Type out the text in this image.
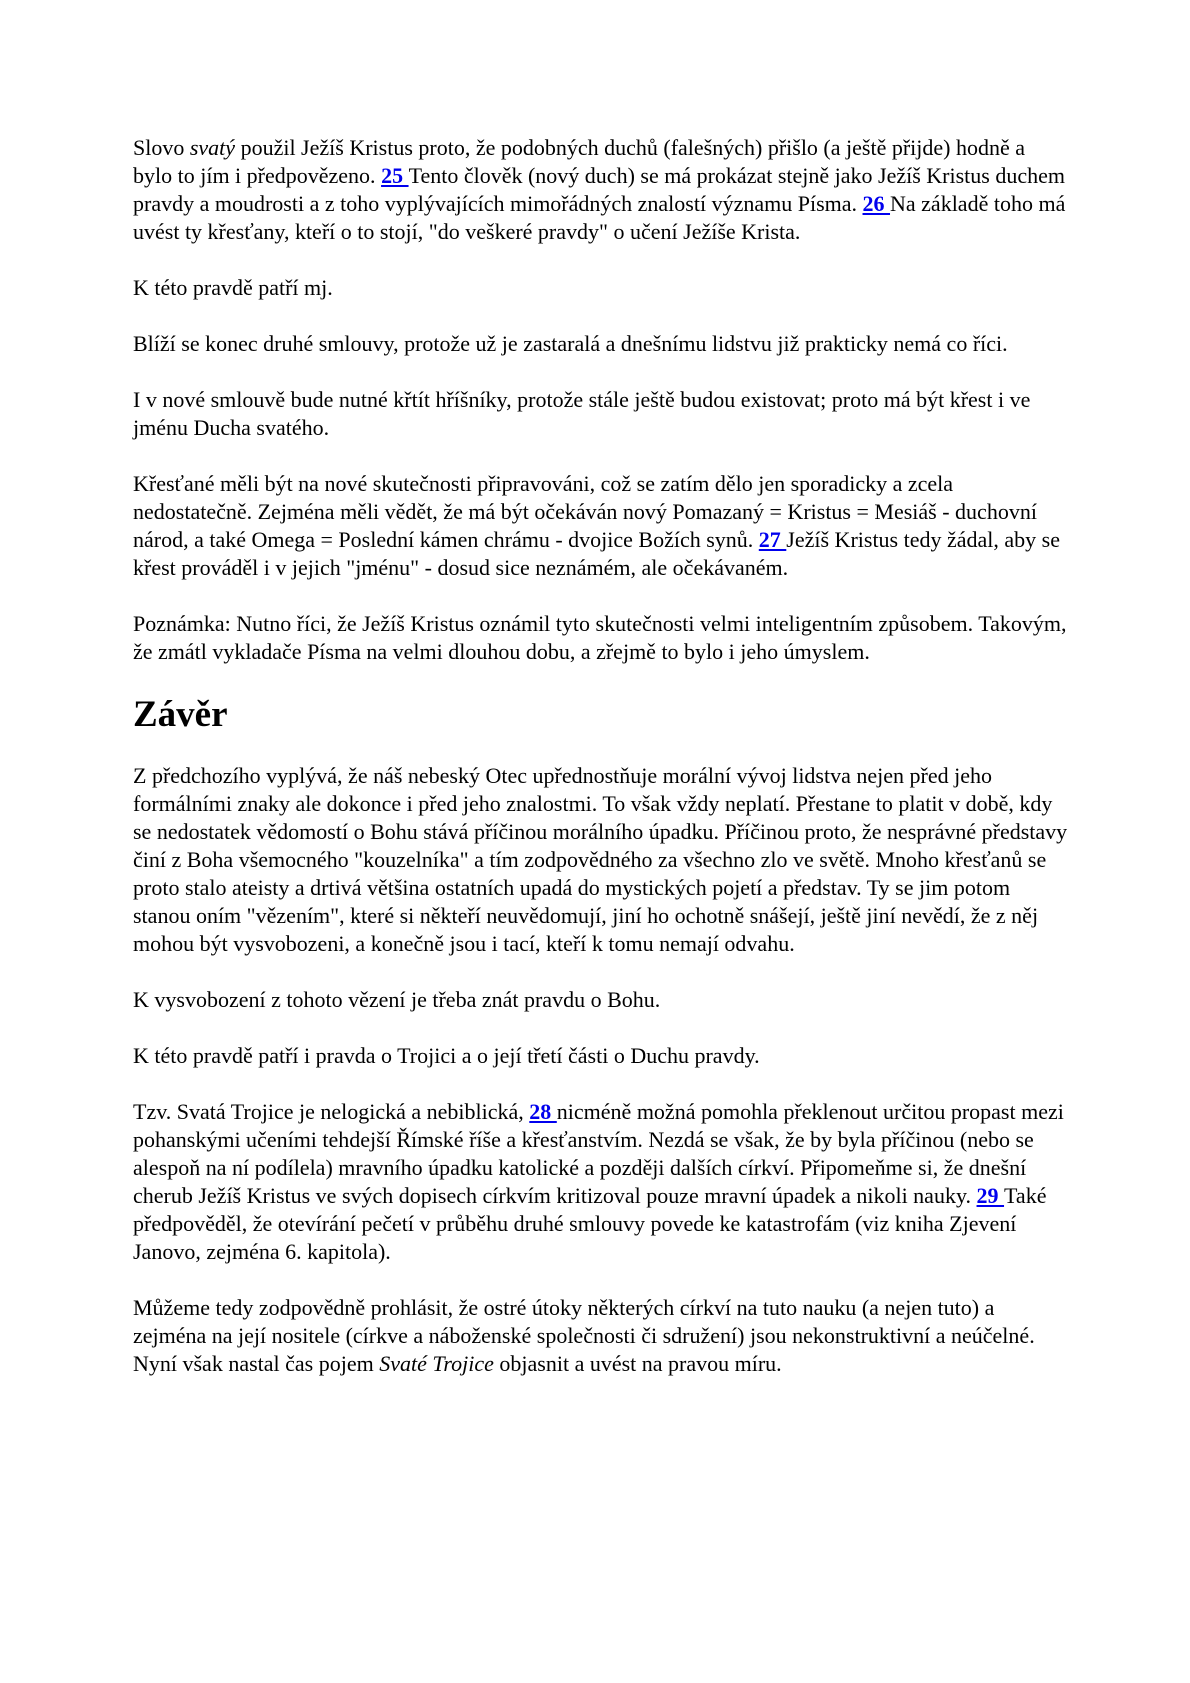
Slovo svatý použil Ježíš Kristus proto, že podobných duchů (falešných) přišlo (a ještě přijde) hodně a bylo to jím i předpovězeno. 25 Tento člověk (nový duch) se má prokázat stejně jako Ježíš Kristus duchem pravdy a moudrosti a z toho vyplývajících mimořádných znalostí významu Písma. 26 Na základě toho má uvést ty křesťany, kteří o to stojí, "do veškeré pravdy" o učení Ježíše Krista.

K této pravdě patří mj.

Blíží se konec druhé smlouvy, protože už je zastaralá a dnešnímu lidstvu již prakticky nemá co říci.

I v nové smlouvě bude nutné křtít hříšníky, protože stále ještě budou existovat; proto má být křest i ve jménu Ducha svatého.

Křesťané měli být na nové skutečnosti připravováni, což se zatím dělo jen sporadicky a zcela nedostatečně. Zejména měli vědět, že má být očekáván nový Pomazaný = Kristus = Mesiáš - duchovní národ, a také Omega = Poslední kámen chrámu - dvojice Božích synů. 27 Ježíš Kristus tedy žádal, aby se křest prováděl i v jejich "jménu" - dosud sice neznámém, ale očekávaném.

Poznámka: Nutno říci, že Ježíš Kristus oznámil tyto skutečnosti velmi inteligentním způsobem. Takovým, že zmátl vykladače Písma na velmi dlouhou dobu, a zřejmě to bylo i jeho úmyslem.

Závěr

Z předchozího vyplývá, že náš nebeský Otec upřednostňuje morální vývoj lidstva nejen před jeho formálními znaky ale dokonce i před jeho znalostmi. To však vždy neplatí. Přestane to platit v době, kdy se nedostatek vědomostí o Bohu stává příčinou morálního úpadku. Příčinou proto, že nesprávné představy činí z Boha všemocného "kouzelníka" a tím zodpovědného za všechno zlo ve světě. Mnoho křesťanů se proto stalo ateisty a drtivá většina ostatních upadá do mystických pojetí a představ. Ty se jim potom stanou oním "vězením", které si někteří neuvědomují, jiní ho ochotně snášejí, ještě jiní nevědí, že z něj mohou být vysvobozeni, a konečně jsou i tací, kteří k tomu nemají odvahu.

K vysvobození z tohoto vězení je třeba znát pravdu o Bohu.

K této pravdě patří i pravda o Trojici a o její třetí části o Duchu pravdy.

Tzv. Svatá Trojice je nelogická a nebiblická, 28 nicméně možná pomohla překlenout určitou propast mezi pohanskými učeními tehdejší Římské říše a křesťanstvím. Nezdá se však, že by byla příčinou (nebo se alespoň na ní podílela) mravního úpadku katolické a později dalších církví. Připomeňme si, že dnešní cherub Ježíš Kristus ve svých dopisech církvím kritizoval pouze mravní úpadek a nikoli nauky. 29 Také předpověděl, že otevírání pečetí v průběhu druhé smlouvy povede ke katastrofám (viz kniha Zjevení Janovo, zejména 6. kapitola).

Můžeme tedy zodpovědně prohlásit, že ostré útoky některých církví na tuto nauku (a nejen tuto) a zejména na její nositele (církve a náboženské společnosti či sdružení) jsou nekonstruktivní a neúčelné. Nyní však nastal čas pojem Svaté Trojice objasnit a uvést na pravou míru.
